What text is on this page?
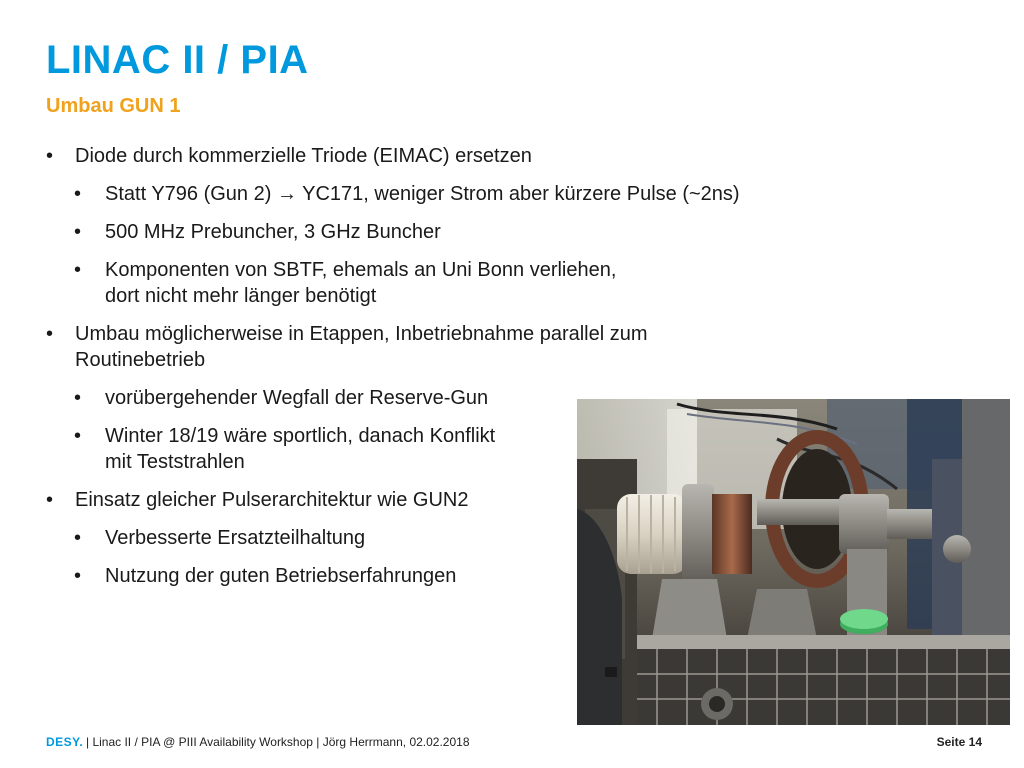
LINAC II / PIA
Umbau GUN 1
• Diode durch kommerzielle Triode (EIMAC) ersetzen
• Statt Y796 (Gun 2) → YC171, weniger Strom aber kürzere Pulse (~2ns)
• 500 MHz Prebuncher, 3 GHz Buncher
• Komponenten von SBTF, ehemals an Uni Bonn verliehen,
dort nicht mehr länger benötigt
• Umbau möglicherweise in Etappen, Inbetriebnahme parallel zum
Routinebetrieb
• vorübergehender Wegfall der Reserve-Gun
• Winter 18/19 wäre sportlich, danach Konflikt
mit Teststrahlen
• Einsatz gleicher Pulserarchitektur wie GUN2
• Verbesserte Ersatzteilhaltung
• Nutzung der guten Betriebserfahrungen
DESY. | Linac II / PIA @ PIII Availability Workshop | Jörg Herrmann, 02.02.2018	Seite 14
